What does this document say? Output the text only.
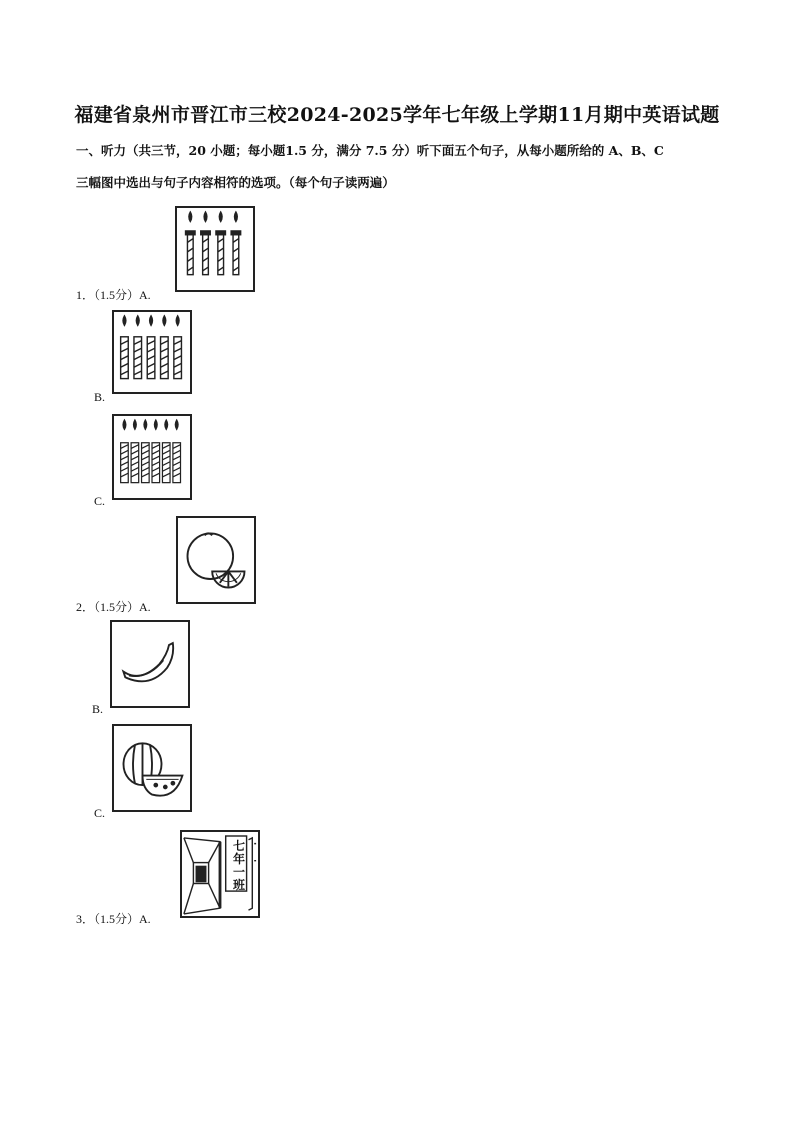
福建省泉州市晋江市三校2024-2025学年七年级上学期11月期中英语试题
一、听力（共三节，20 小题；每小题1.5 分，满分 7.5 分）听下面五个句子，从每小题所给的 A、B、C
三幅图中选出与句子内容相符的选项。（每个句子读两遍）
1．（1.5分）A.
B.
C.
2．（1.5分）A.
B.
C.
七年一班
3．（1.5分）A.
